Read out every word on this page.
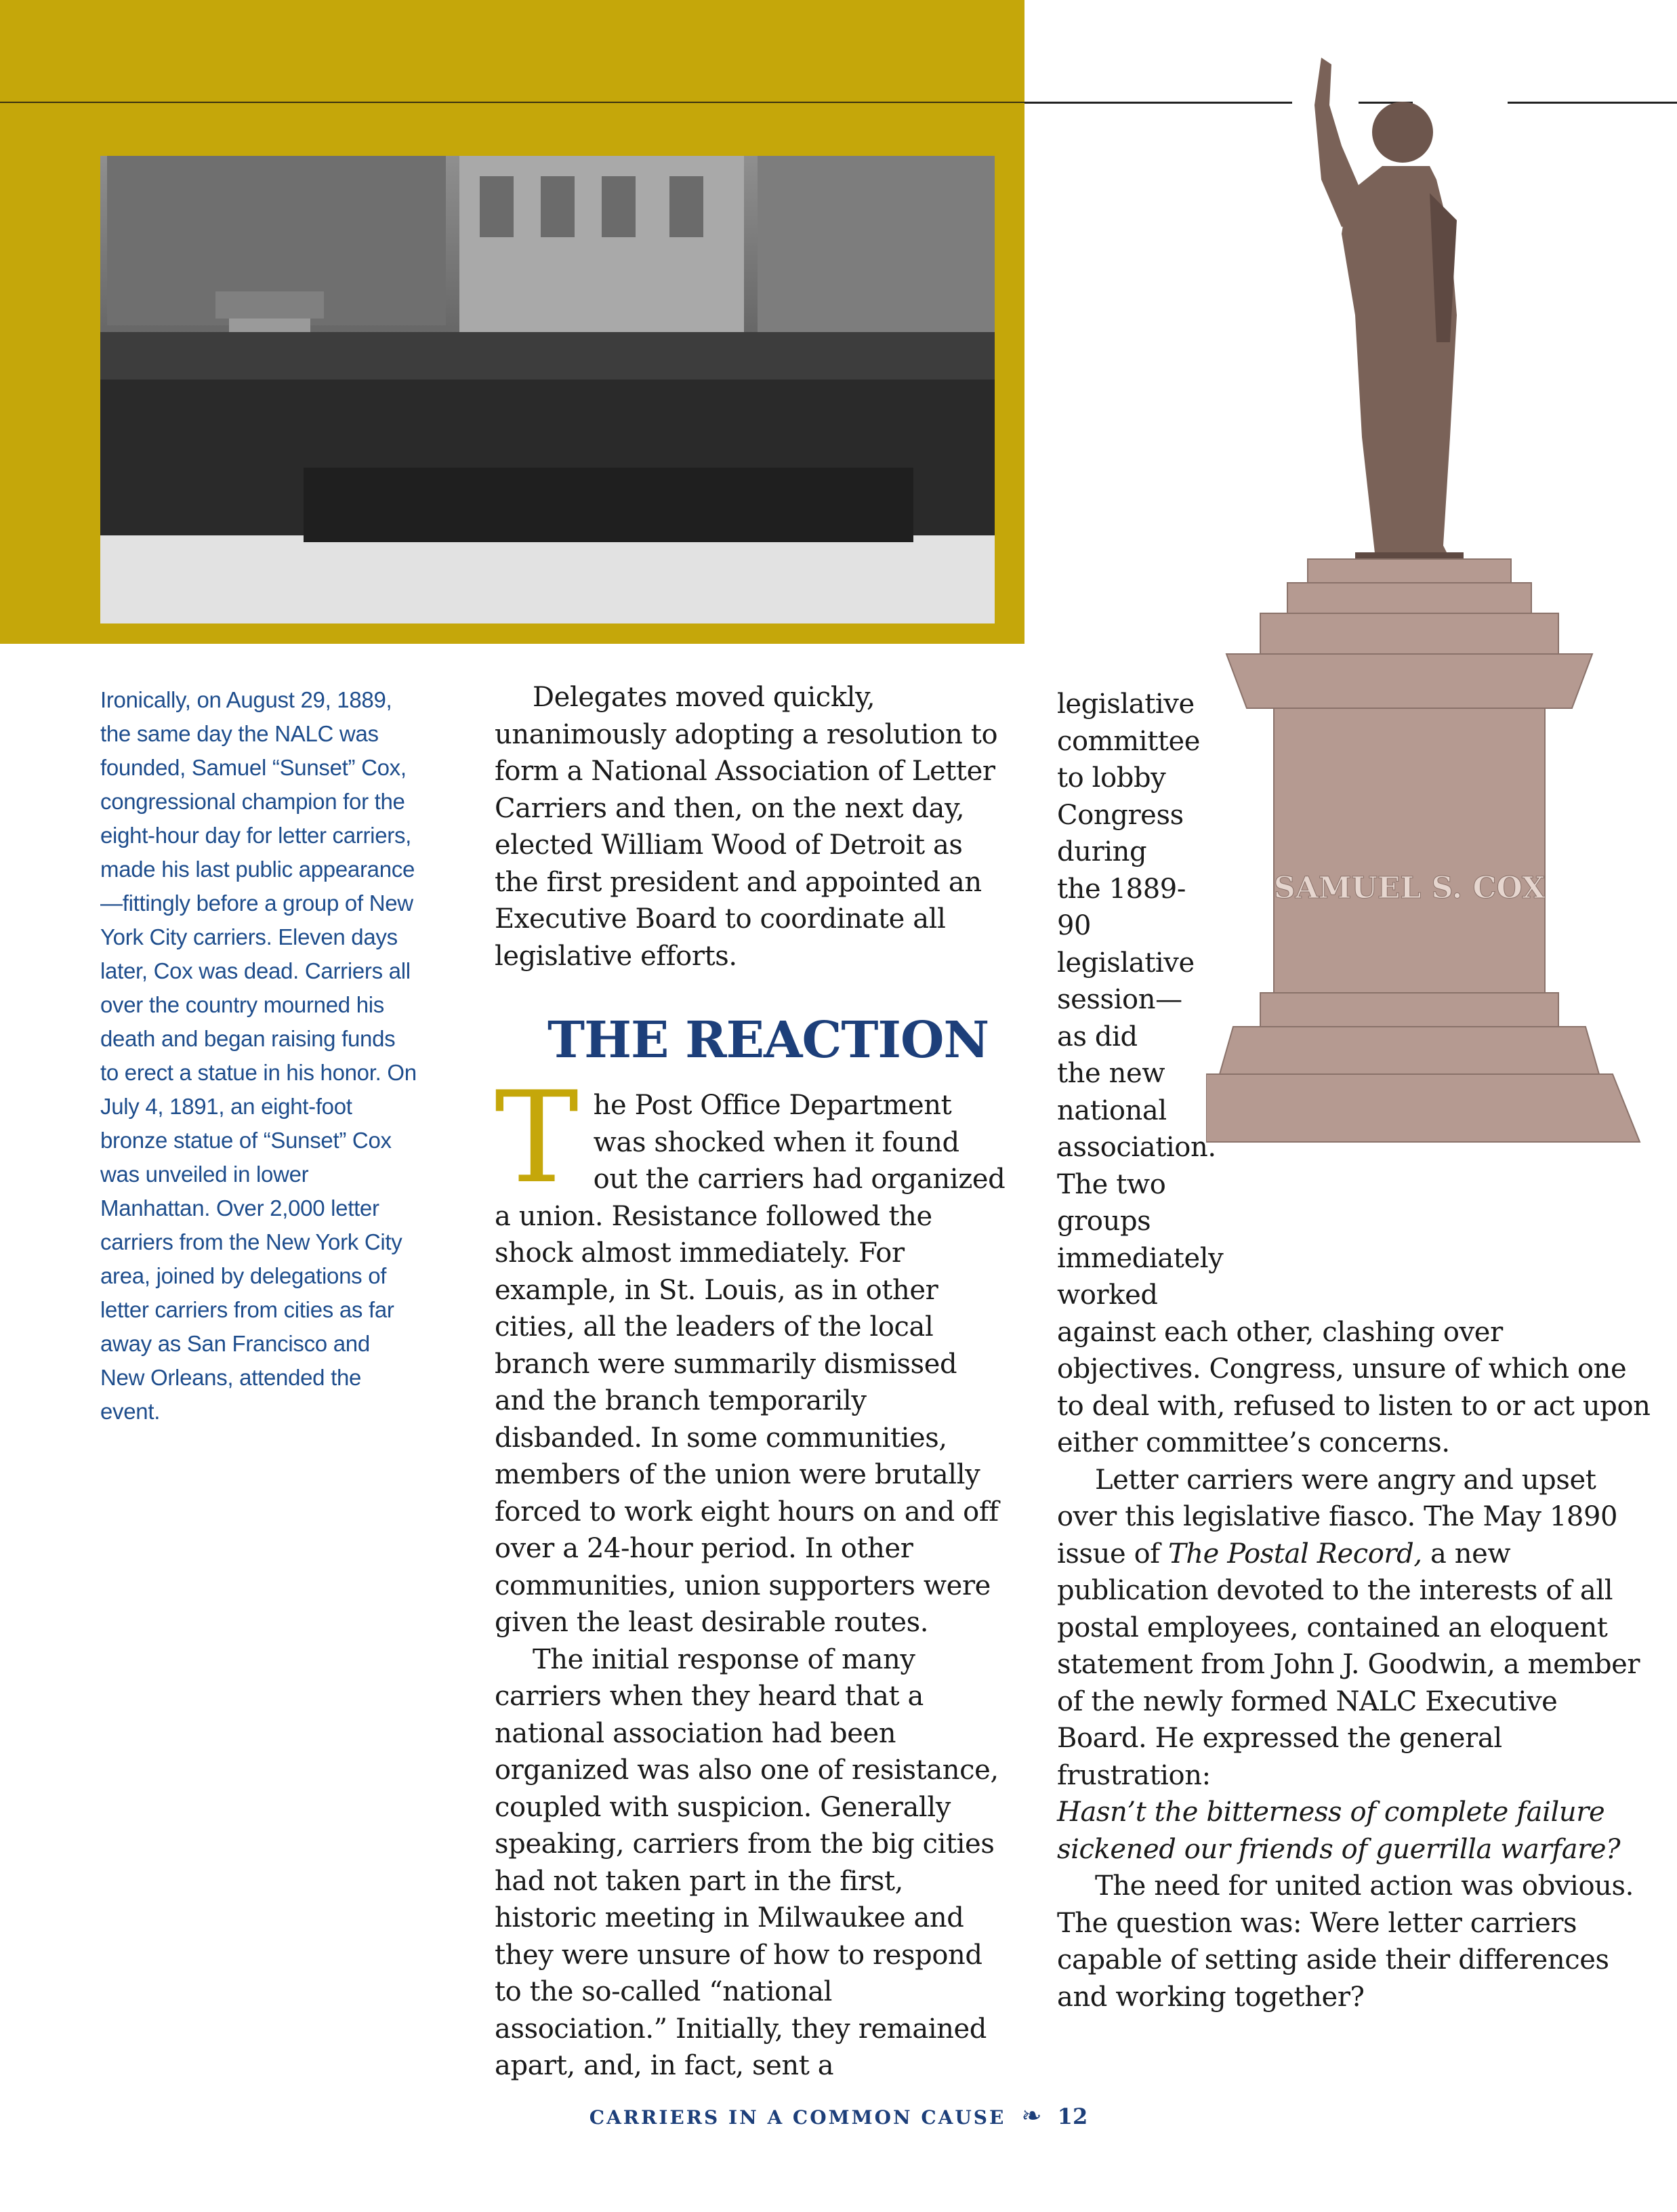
SAMUEL S. COX
Ironically, on August 29, 1889, the same day the NALC was founded, Samuel “Sunset” Cox, congressional champion for the eight-hour day for letter carriers, made his last public appearance—fittingly before a group of New York City carriers. Eleven days later, Cox was dead. Carriers all over the country mourned his death and began raising funds to erect a statue in his honor. On July 4, 1891, an eight-foot bronze statue of “Sunset” Cox was unveiled in lower Manhattan. Over 2,000 letter carriers from the New York City area, joined by delegations of letter carriers from cities as far away as San Francisco and New Orleans, attended the event.

Delegates moved quickly, unanimously adopting a resolution to form a National Association of Letter Carriers and then, on the next day, elected William Wood of Detroit as the first president and appointed an Executive Board to coordinate all legislative efforts.

THE REACTION

The Post Office Department was shocked when it found out the carriers had organized a union. Resistance followed the shock almost immediately. For example, in St. Louis, as in other cities, all the leaders of the local branch were summarily dismissed and the branch temporarily disbanded. In some communities, members of the union were brutally forced to work eight hours on and off over a 24-hour period. In other communities, union supporters were given the least desirable routes.

The initial response of many carriers when they heard that a national association had been organized was also one of resistance, coupled with suspicion. Generally speaking, carriers from the big cities had not taken part in the first, historic meeting in Milwaukee and they were unsure of how to respond to the so-called “national association.” Initially, they remained apart, and, in fact, sent a

legislative committee to lobby Congress during the 1889-90 legislative session—as did the new national association. The two groups immediately worked

against each other, clashing over objectives. Congress, unsure of which one to deal with, refused to listen to or act upon either committee’s concerns.

Letter carriers were angry and upset over this legislative fiasco. The May 1890 issue of The Postal Record, a new publication devoted to the interests of all postal employees, contained an eloquent statement from John J. Goodwin, a member of the newly formed NALC Executive Board. He expressed the general frustration:

Hasn’t the bitterness of complete failure sickened our friends of guerrilla warfare?

The need for united action was obvious. The question was: Were letter carriers capable of setting aside their differences and working together?

CARRIERS IN A COMMON CAUSE ❧ 12
